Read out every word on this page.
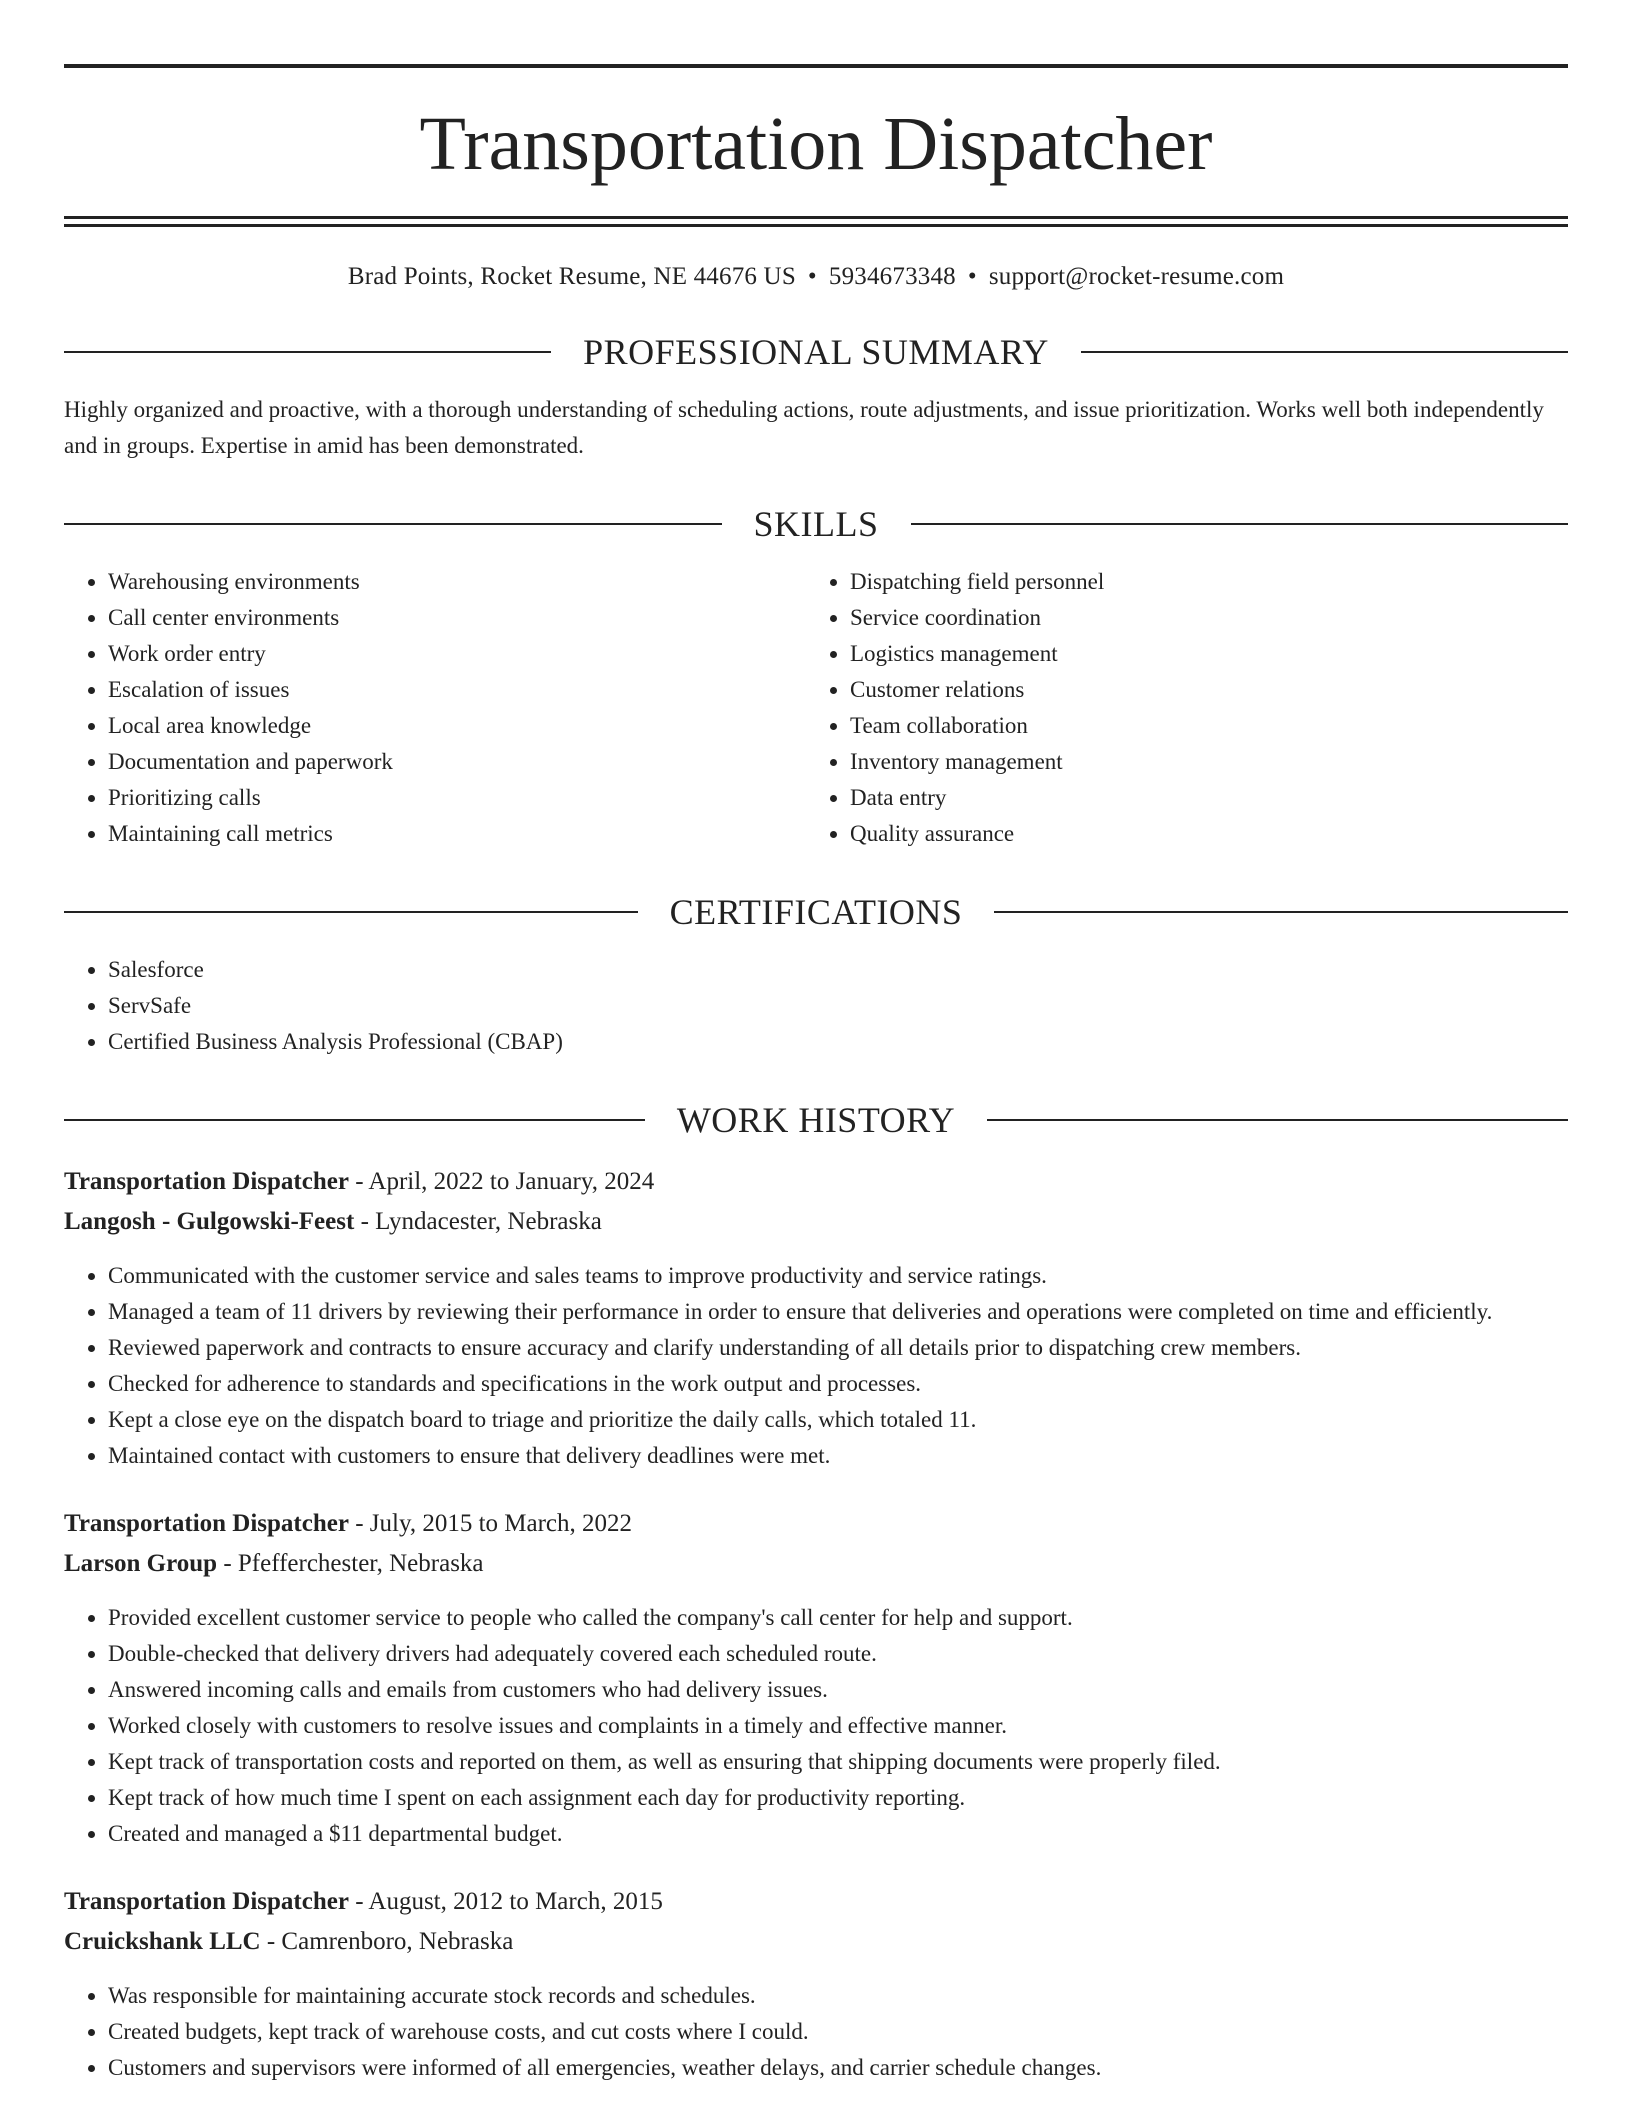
Transportation Dispatcher
Brad Points, Rocket Resume, NE 44676 US • 5934673348 • support@rocket-resume.com
PROFESSIONAL SUMMARY
Highly organized and proactive, with a thorough understanding of scheduling actions, route adjustments, and issue prioritization. Works well both independently and in groups. Expertise in amid has been demonstrated.
SKILLS
• Warehousing environments
• Call center environments
• Work order entry
• Escalation of issues
• Local area knowledge
• Documentation and paperwork
• Prioritizing calls
• Maintaining call metrics
• Dispatching field personnel
• Service coordination
• Logistics management
• Customer relations
• Team collaboration
• Inventory management
• Data entry
• Quality assurance
CERTIFICATIONS
• Salesforce
• ServSafe
• Certified Business Analysis Professional (CBAP)
WORK HISTORY
Transportation Dispatcher - April, 2022 to January, 2024
Langosh - Gulgowski-Feest - Lyndacester, Nebraska
• Communicated with the customer service and sales teams to improve productivity and service ratings.
• Managed a team of 11 drivers by reviewing their performance in order to ensure that deliveries and operations were completed on time and efficiently.
• Reviewed paperwork and contracts to ensure accuracy and clarify understanding of all details prior to dispatching crew members.
• Checked for adherence to standards and specifications in the work output and processes.
• Kept a close eye on the dispatch board to triage and prioritize the daily calls, which totaled 11.
• Maintained contact with customers to ensure that delivery deadlines were met.
Transportation Dispatcher - July, 2015 to March, 2022
Larson Group - Pfefferchester, Nebraska
• Provided excellent customer service to people who called the company's call center for help and support.
• Double-checked that delivery drivers had adequately covered each scheduled route.
• Answered incoming calls and emails from customers who had delivery issues.
• Worked closely with customers to resolve issues and complaints in a timely and effective manner.
• Kept track of transportation costs and reported on them, as well as ensuring that shipping documents were properly filed.
• Kept track of how much time I spent on each assignment each day for productivity reporting.
• Created and managed a $11 departmental budget.
Transportation Dispatcher - August, 2012 to March, 2015
Cruickshank LLC - Camrenboro, Nebraska
• Was responsible for maintaining accurate stock records and schedules.
• Created budgets, kept track of warehouse costs, and cut costs where I could.
• Customers and supervisors were informed of all emergencies, weather delays, and carrier schedule changes.
